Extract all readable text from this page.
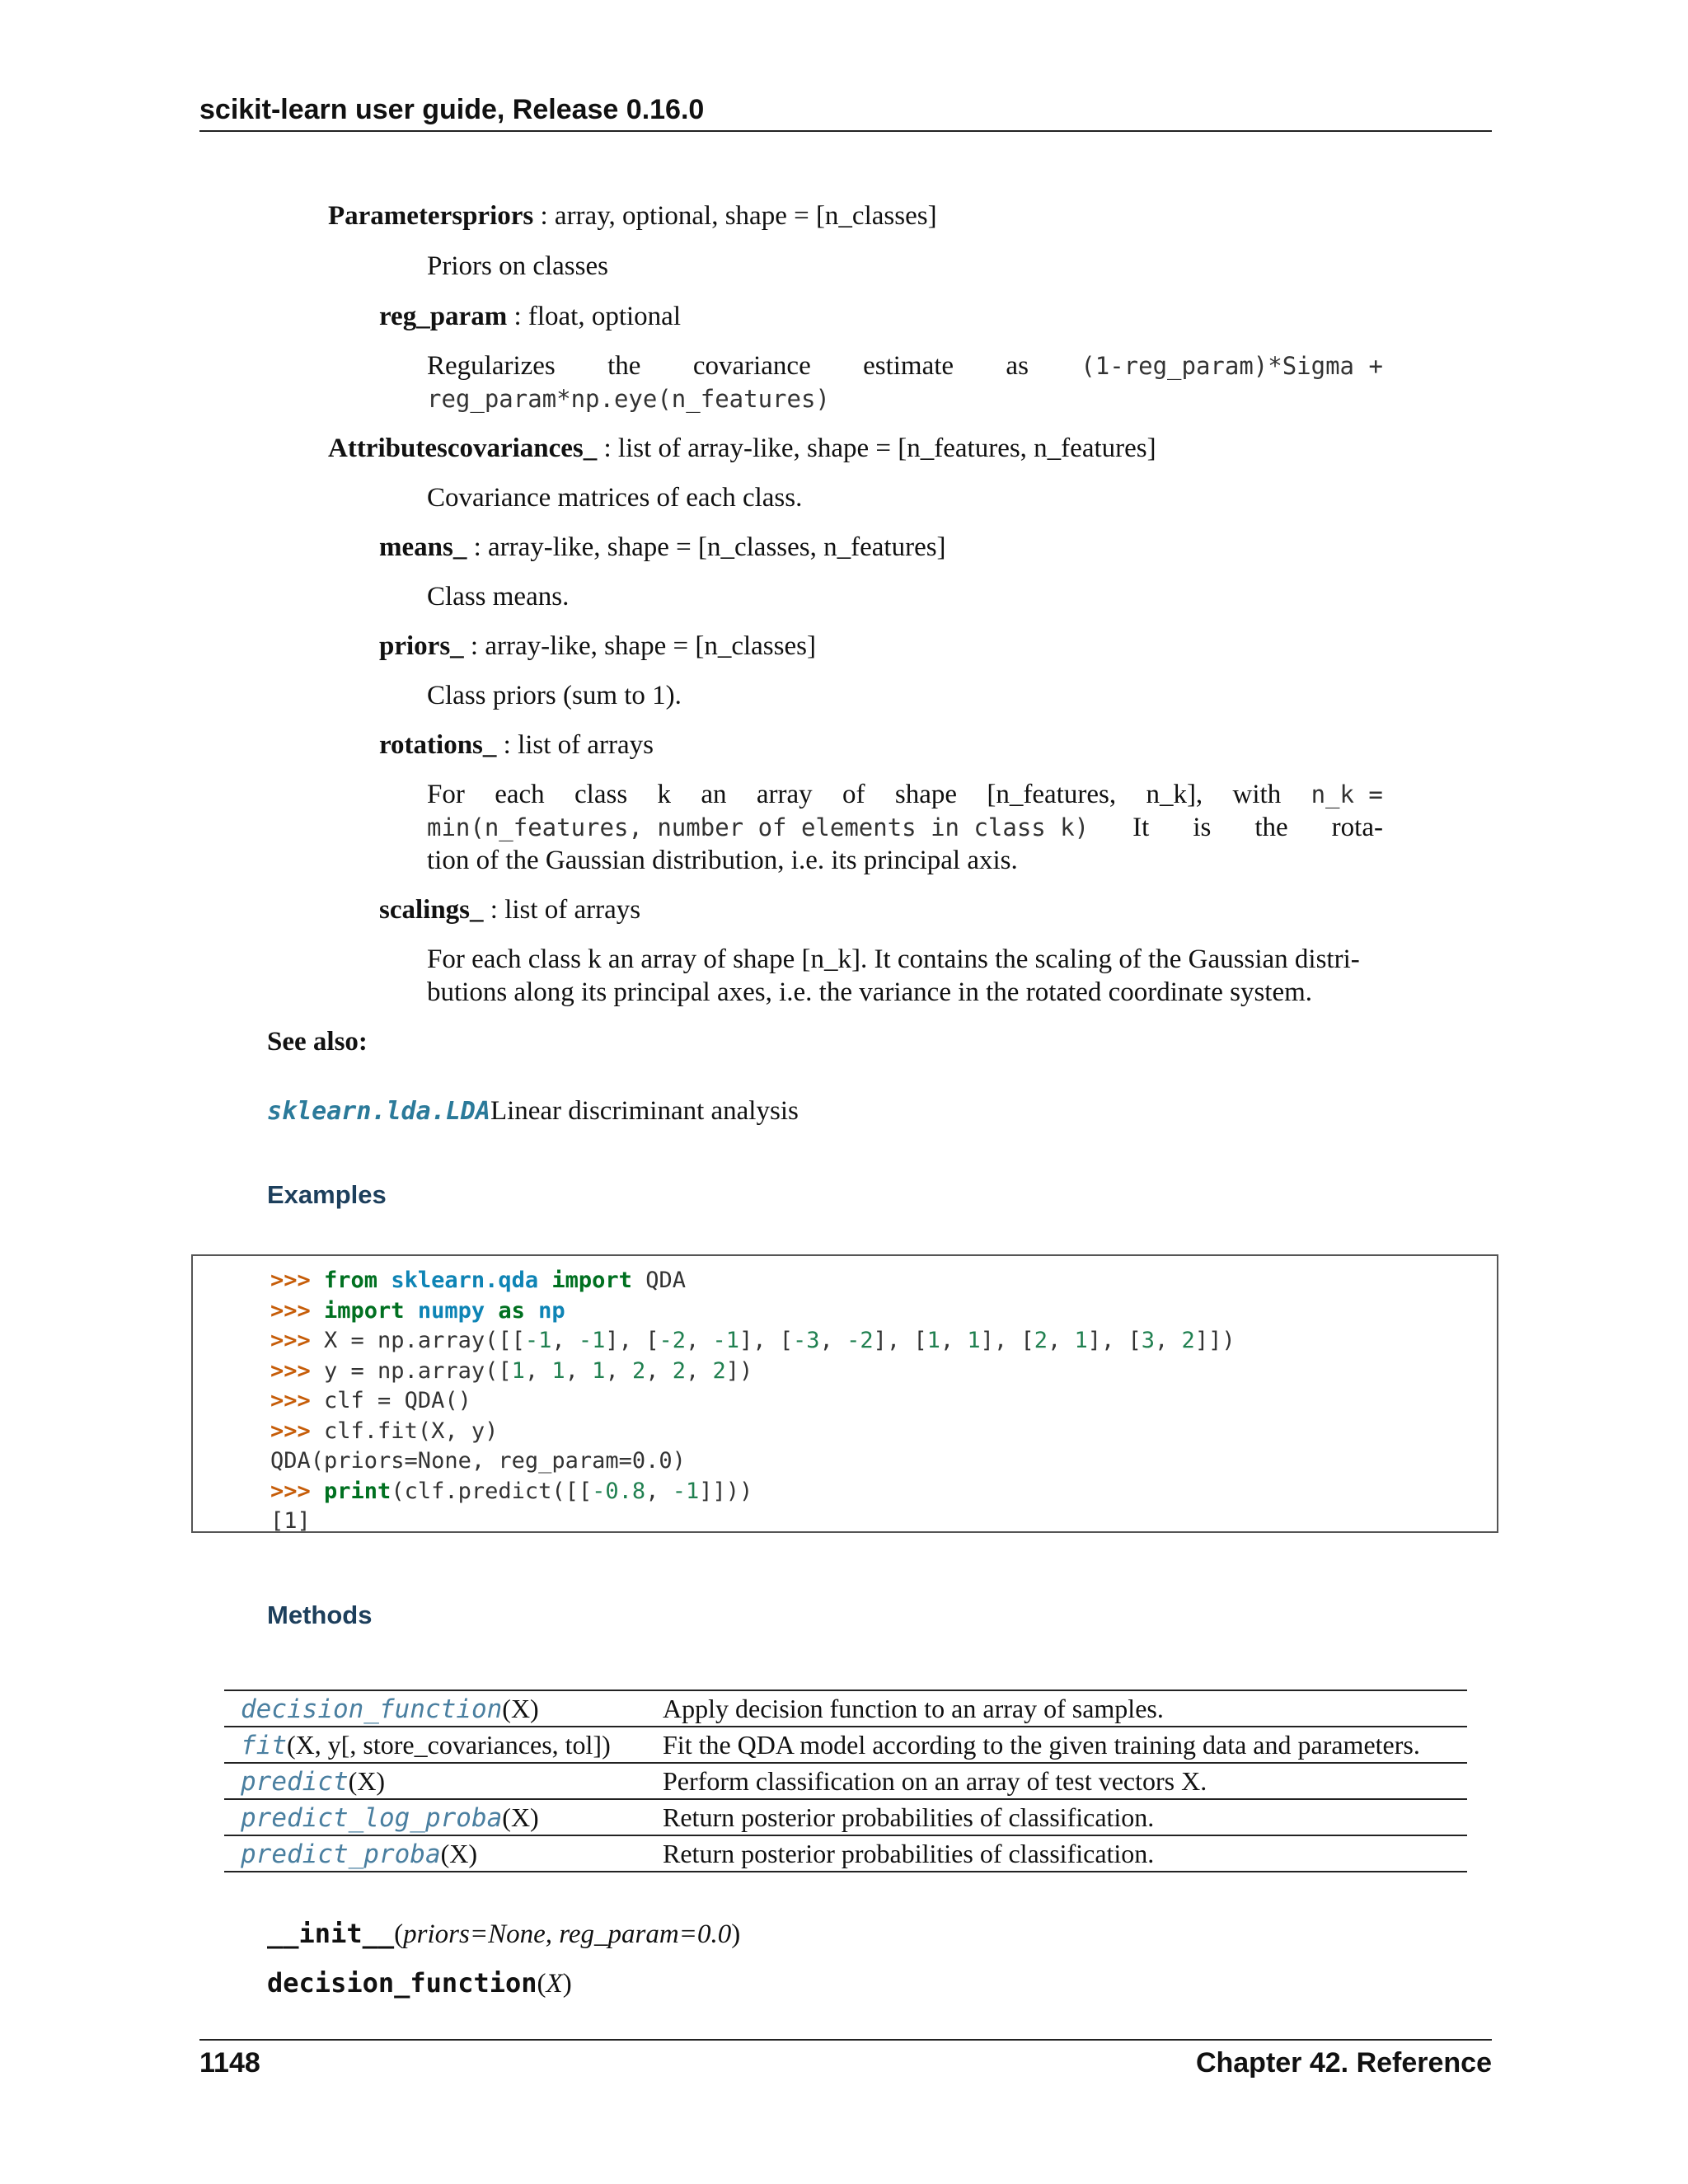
scikit-learn user guide, Release 0.16.0
Parameterspriors : array, optional, shape = [n_classes]
Priors on classes
reg_param : float, optional
Regularizes the covariance estimate as (1-reg_param)*Sigma +
reg_param*np.eye(n_features)
Attributescovariances_ : list of array-like, shape = [n_features, n_features]
Covariance matrices of each class.
means_ : array-like, shape = [n_classes, n_features]
Class means.
priors_ : array-like, shape = [n_classes]
Class priors (sum to 1).
rotations_ : list of arrays
For each class k an array of shape [n_features, n_k], with n_k =
min(n_features, number of elements in class k) It is the rota-
tion of the Gaussian distribution, i.e. its principal axis.
scalings_ : list of arrays
For each class k an array of shape [n_k]. It contains the scaling of the Gaussian distri-
butions along its principal axes, i.e. the variance in the rotated coordinate system.
See also:
sklearn.lda.LDALinear discriminant analysis
Examples
>>> from sklearn.qda import QDA
>>> import numpy as np
>>> X = np.array([[-1, -1], [-2, -1], [-3, -2], [1, 1], [2, 1], [3, 2]])
>>> y = np.array([1, 1, 1, 2, 2, 2])
>>> clf = QDA()
>>> clf.fit(X, y)
QDA(priors=None, reg_param=0.0)
>>> print(clf.predict([[-0.8, -1]]))
[1]
Methods
decision_function(X)	Apply decision function to an array of samples.
fit(X, y[, store_covariances, tol])	Fit the QDA model according to the given training data and parameters.
predict(X)	Perform classification on an array of test vectors X.
predict_log_proba(X)	Return posterior probabilities of classification.
predict_proba(X)	Return posterior probabilities of classification.
__init__(priors=None, reg_param=0.0)
decision_function(X)
1148	Chapter 42. Reference
